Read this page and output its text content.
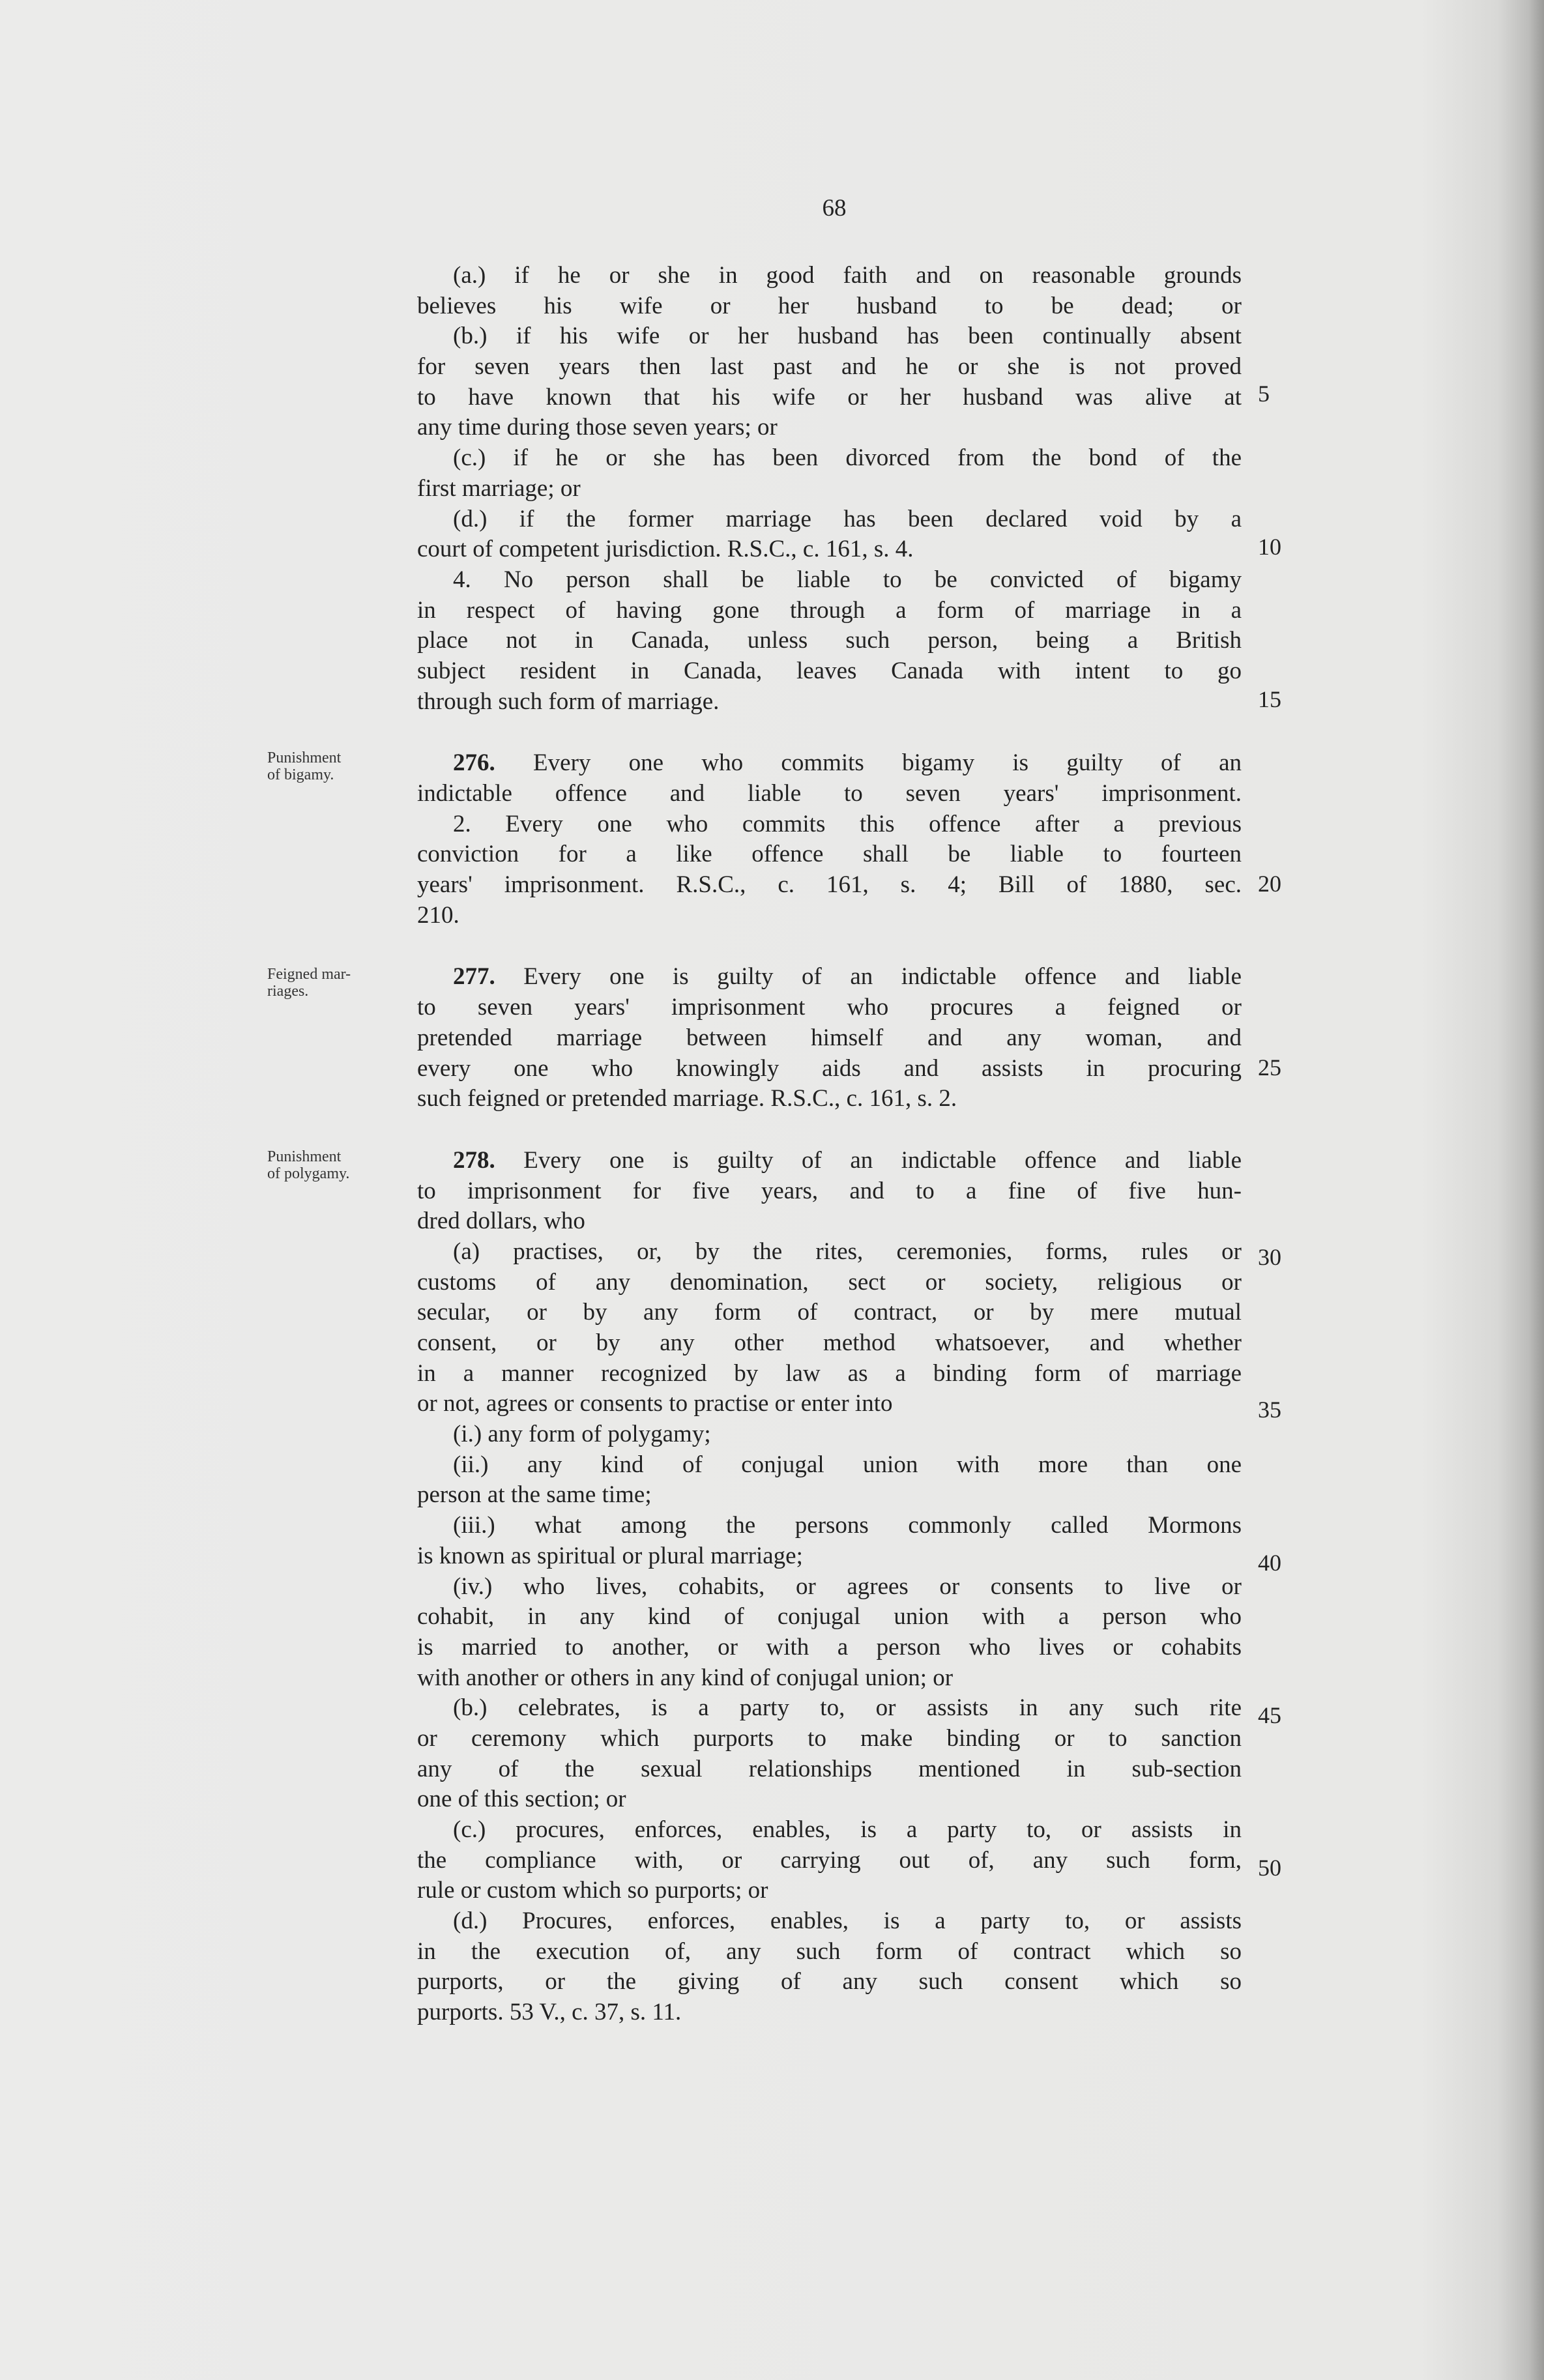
68
Punishment
of bigamy.
Feigned mar-
riages.
Punishment
of polygamy.
5
10
15
20
25
30
35
40
45
50
(a.) if he or she in good faith and on reasonable grounds
believes his wife or her husband to be dead; or
(b.) if his wife or her husband has been continually absent
for seven years then last past and he or she is not proved
to have known that his wife or her husband was alive at
any time during those seven years; or
(c.) if he or she has been divorced from the bond of the
first marriage; or
(d.) if the former marriage has been declared void by a
court of competent jurisdiction. R.S.C., c. 161, s. 4.
4. No person shall be liable to be convicted of bigamy
in respect of having gone through a form of marriage in a
place not in Canada, unless such person, being a British
subject resident in Canada, leaves Canada with intent to go
through such form of marriage.
276. Every one who commits bigamy is guilty of an
indictable offence and liable to seven years' imprisonment.
2. Every one who commits this offence after a previous
conviction for a like offence shall be liable to fourteen
years' imprisonment. R.S.C., c. 161, s. 4; Bill of 1880, sec.
210.
277. Every one is guilty of an indictable offence and liable
to seven years' imprisonment who procures a feigned or
pretended marriage between himself and any woman, and
every one who knowingly aids and assists in procuring
such feigned or pretended marriage. R.S.C., c. 161, s. 2.
278. Every one is guilty of an indictable offence and liable
to imprisonment for five years, and to a fine of five hun-
dred dollars, who
(a) practises, or, by the rites, ceremonies, forms, rules or
customs of any denomination, sect or society, religious or
secular, or by any form of contract, or by mere mutual
consent, or by any other method whatsoever, and whether
in a manner recognized by law as a binding form of marriage
or not, agrees or consents to practise or enter into
(i.) any form of polygamy;
(ii.) any kind of conjugal union with more than one
person at the same time;
(iii.) what among the persons commonly called Mormons
is known as spiritual or plural marriage;
(iv.) who lives, cohabits, or agrees or consents to live or
cohabit, in any kind of conjugal union with a person who
is married to another, or with a person who lives or cohabits
with another or others in any kind of conjugal union; or
(b.) celebrates, is a party to, or assists in any such rite
or ceremony which purports to make binding or to sanction
any of the sexual relationships mentioned in sub-section
one of this section; or
(c.) procures, enforces, enables, is a party to, or assists in
the compliance with, or carrying out of, any such form,
rule or custom which so purports; or
(d.) Procures, enforces, enables, is a party to, or assists
in the execution of, any such form of contract which so
purports, or the giving of any such consent which so
purports. 53 V., c. 37, s. 11.
